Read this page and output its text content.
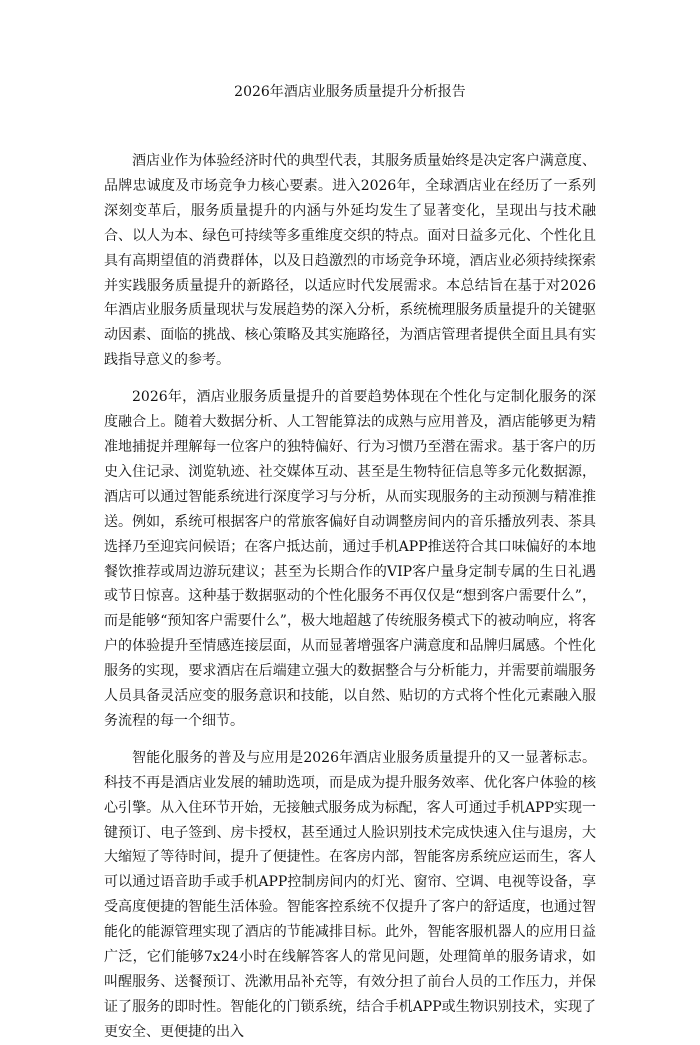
2026年酒店业服务质量提升分析报告

酒店业作为体验经济时代的典型代表，其服务质量始终是决定客户满意度、品牌忠诚度及市场竞争力核心要素。进入2026年，全球酒店业在经历了一系列深刻变革后，服务质量提升的内涵与外延均发生了显著变化，呈现出与技术融合、以人为本、绿色可持续等多重维度交织的特点。面对日益多元化、个性化且具有高期望值的消费群体，以及日趋激烈的市场竞争环境，酒店业必须持续探索并实践服务质量提升的新路径，以适应时代发展需求。本总结旨在基于对2026年酒店业服务质量现状与发展趋势的深入分析，系统梳理服务质量提升的关键驱动因素、面临的挑战、核心策略及其实施路径，为酒店管理者提供全面且具有实践指导意义的参考。

2026年，酒店业服务质量提升的首要趋势体现在个性化与定制化服务的深度融合上。随着大数据分析、人工智能算法的成熟与应用普及，酒店能够更为精准地捕捉并理解每一位客户的独特偏好、行为习惯乃至潜在需求。基于客户的历史入住记录、浏览轨迹、社交媒体互动、甚至是生物特征信息等多元化数据源，酒店可以通过智能系统进行深度学习与分析，从而实现服务的主动预测与精准推送。例如，系统可根据客户的常旅客偏好自动调整房间内的音乐播放列表、茶具选择乃至迎宾问候语；在客户抵达前，通过手机APP推送符合其口味偏好的本地餐饮推荐或周边游玩建议；甚至为长期合作的VIP客户量身定制专属的生日礼遇或节日惊喜。这种基于数据驱动的个性化服务不再仅仅是“想到客户需要什么”，而是能够“预知客户需要什么”，极大地超越了传统服务模式下的被动响应，将客户的体验提升至情感连接层面，从而显著增强客户满意度和品牌归属感。个性化服务的实现，要求酒店在后端建立强大的数据整合与分析能力，并需要前端服务人员具备灵活应变的服务意识和技能，以自然、贴切的方式将个性化元素融入服务流程的每一个细节。

智能化服务的普及与应用是2026年酒店业服务质量提升的又一显著标志。科技不再是酒店业发展的辅助选项，而是成为提升服务效率、优化客户体验的核心引擎。从入住环节开始，无接触式服务成为标配，客人可通过手机APP实现一键预订、电子签到、房卡授权，甚至通过人脸识别技术完成快速入住与退房，大大缩短了等待时间，提升了便捷性。在客房内部，智能客房系统应运而生，客人可以通过语音助手或手机APP控制房间内的灯光、窗帘、空调、电视等设备，享受高度便捷的智能生活体验。智能客控系统不仅提升了客户的舒适度，也通过智能化的能源管理实现了酒店的节能减排目标。此外，智能客服机器人的应用日益广泛，它们能够7x24小时在线解答客人的常见问题，处理简单的服务请求，如叫醒服务、送餐预订、洗漱用品补充等，有效分担了前台人员的工作压力，并保证了服务的即时性。智能化的门锁系统，结合手机APP或生物识别技术，实现了更安全、更便捷的出入
